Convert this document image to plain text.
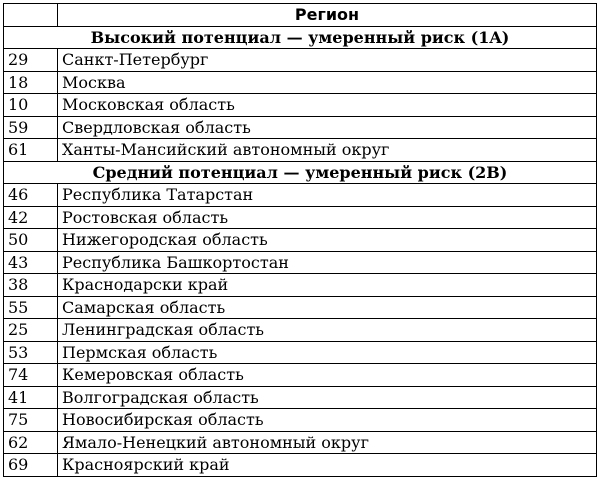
	Регион
Высокий потенциал — умеренный риск (1A)	
29	Санкт-Петербург
18	Москва
10	Московская область
59	Свердловская область
61	Ханты-Мансийский автономный округ
Средний потенциал — умеренный риск (2B)	
46	Республика Татарстан
42	Ростовская область
50	Нижегородская область
43	Республика Башкортостан
38	Краснодарски край
55	Самарская область
25	Ленинградская область
53	Пермская область
74	Кемеровская область
41	Волгоградская область
75	Новосибирская область
62	Ямало-Ненецкий автономный округ
69	Красноярский край
